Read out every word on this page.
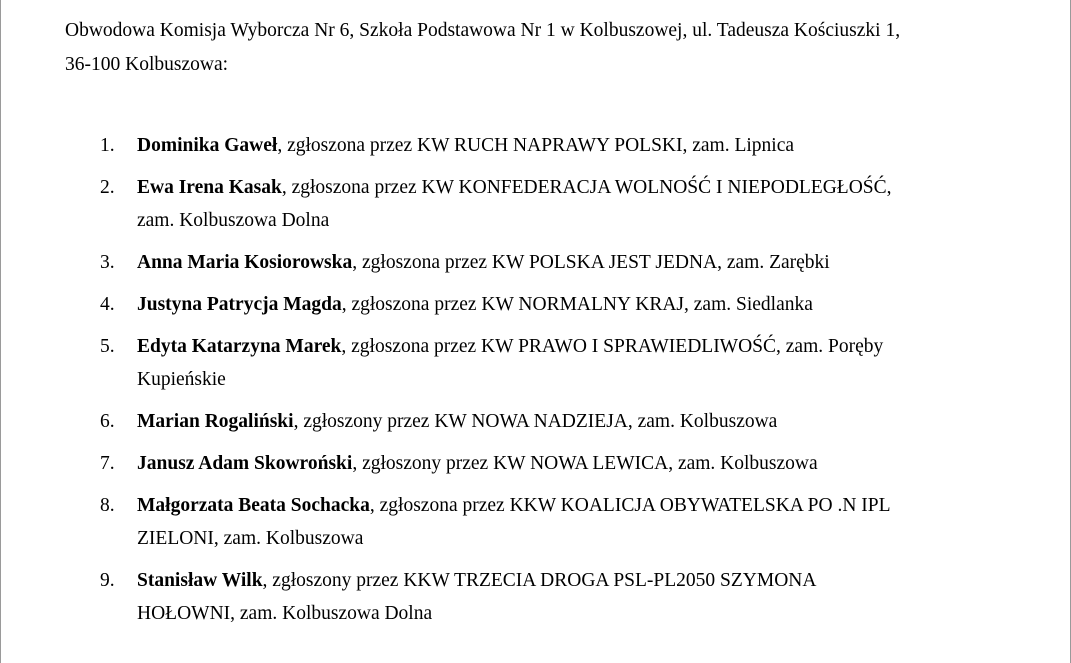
Obwodowa Komisja Wyborcza Nr 6, Szkoła Podstawowa Nr 1 w Kolbuszowej, ul. Tadeusza Kościuszki 1,
36-100 Kolbuszowa:
1. Dominika Gaweł, zgłoszona przez KW RUCH NAPRAWY POLSKI, zam. Lipnica
2. Ewa Irena Kasak, zgłoszona przez KW KONFEDERACJA WOLNOŚĆ I NIEPODLEGŁOŚĆ,
zam. Kolbuszowa Dolna
3. Anna Maria Kosiorowska, zgłoszona przez KW POLSKA JEST JEDNA, zam. Zarębki
4. Justyna Patrycja Magda, zgłoszona przez KW NORMALNY KRAJ, zam. Siedlanka
5. Edyta Katarzyna Marek, zgłoszona przez KW PRAWO I SPRAWIEDLIWOŚĆ, zam. Poręby
Kupieńskie
6. Marian Rogaliński, zgłoszony przez KW NOWA NADZIEJA, zam. Kolbuszowa
7. Janusz Adam Skowroński, zgłoszony przez KW NOWA LEWICA, zam. Kolbuszowa
8. Małgorzata Beata Sochacka, zgłoszona przez KKW KOALICJA OBYWATELSKA PO .N IPL
ZIELONI, zam. Kolbuszowa
9. Stanisław Wilk, zgłoszony przez KKW TRZECIA DROGA PSL-PL2050 SZYMONA
HOŁOWNI, zam. Kolbuszowa Dolna
